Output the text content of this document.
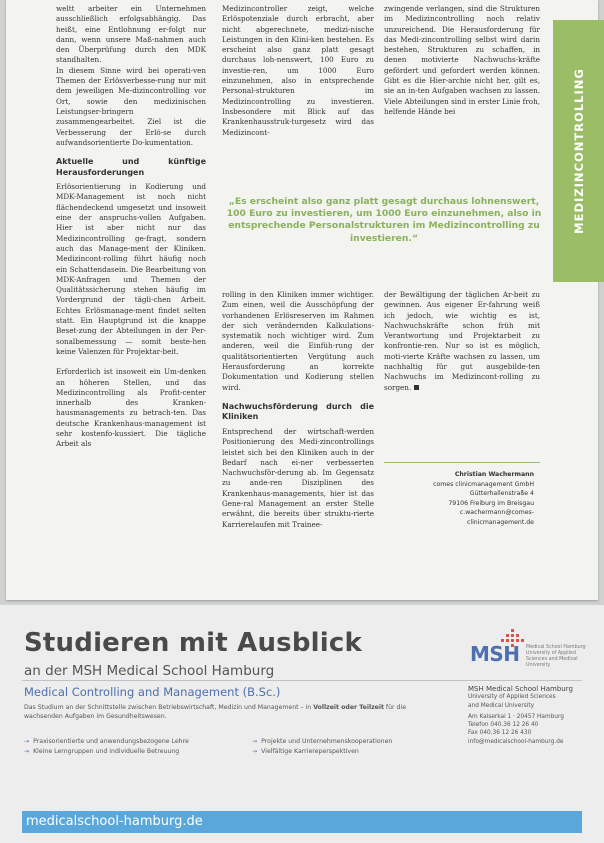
weltt arbeiter ein Unternehmen ausschließlich erfolgsabhängig. Das heißt, eine Entlohnung er-folgt nur dann, wenn unsere Maß-nahmen auch den Überprüfung durch den MDK standhalten.

In diesem Sinne wird bei operati-ven Themen der Erlösverbesse-rung nur mit dem jeweiligen Me-dizincontrolling vor Ort, sowie den medizinischen Leistungser-bringern zusammengearbeitet. Ziel ist die Verbesserung der Erlö-se durch aufwandsorientierte Do-kumentation.

Aktuelle und künftige Herausforderungen

Erlösorientierung in Kodierung und MDK-Management ist noch nicht flächendeckend umgesetzt und insoweit eine der anspruchs-vollen Aufgaben. Hier ist aber nicht nur das Medizincontrolling ge-fragt, sondern auch das Manage-ment der Kliniken. Medizincont-rolling führt häufig noch ein Schattendasein. Die Bearbeitung von MDK-Anfragen und Themen der Qualitätssicherung stehen häufig im Vordergrund der tägli-chen Arbeit. Echtes Erlösmanage-ment findet selten statt. Ein Hauptgrund ist die knappe Beset-zung der Abteilungen in der Per-sonalbemessung — somit beste-hen keine Valenzen für Projektar-beit.

Erforderlich ist insoweit ein Um-denken an höheren Stellen, und das Medizincontrolling als Profit-center innerhalb des Kranken-hausmanagements zu betrach-ten. Das deutsche Krankenhaus-management ist sehr kostenfo-kussiert. Die tägliche Arbeit als

Medizincontroller zeigt, welche Erlöspotenziale durch erbracht, aber nicht abgerechnete, medizi-nische Leistungen in den Klini-ken bestehen. Es erscheint also ganz platt gesagt durchaus loh-nenswert, 100 Euro zu investie-ren, um 1000 Euro einzunehmen, also in entsprechende Personal-strukturen im Medizincontrolling zu investieren. Insbesondere mit Blick auf das Krankenhausstruk-turgesetz wird das Medizincont-

zwingende verlangen, sind die Strukturen im Medizincontrolling noch relativ unzureichend. Die Herausforderung für das Medi-zincontrolling selbst wird darin bestehen, Strukturen zu schaffen, in denen motivierte Nachwuchs-kräfte gefördert und gefordert werden können. Gibt es die Hier-archie nicht her, gilt es, sie an in-ten Aufgaben wachsen zu lassen. Viele Abteilungen sind in erster Linie froh, helfende Hände bei

„Es erscheint also ganz platt gesagt durchaus lohnenswert, 100 Euro zu investieren, um 1000 Euro einzunehmen, also in entsprechende Personalstrukturen im Medizincontrolling zu investieren.“

rolling in den Kliniken immer wichtiger. Zum einen, weil die Ausschöpfung der vorhandenen Erlösreserven im Rahmen der sich verändernden Kalkulations-systematik noch wichtiger wird. Zum anderen, weil die Einfüh-rung der qualitätsorientierten Vergütung auch Herausforderung an korrekte Dokumentation und Kodierung stellen wird.

Nachwuchsförderung durch die Kliniken

Entsprechend der wirtschaft-werden Positionierung des Medi-zincontrollings leistet sich bei den Kliniken auch in der Bedarf nach ei-ner verbesserten Nachwuchsför-derung ab. Im Gegensatz zu ande-ren Disziplinen des Krankenhaus-managements, hier ist das Gene-ral Management an erster Stelle erwähnt, die bereits über struktu-rierte Karrierelaufen mit Trainee-

der Bewältigung der täglichen Ar-beit zu gewinnen. Aus eigener Er-fahrung weiß ich jedoch, wie wichtig es ist, Nachwuchskräfte schon früh mit Verantwortung und Projektarbeit zu konfrontie-ren. Nur so ist es möglich, moti-vierte Kräfte wachsen zu lassen, um nachhaltig für gut ausgebilde-ten Nachwuchs im Medizincont-rolling zu sorgen.

Christian Wachermann
comes clinicmanagement GmbH
Gütterhallenstraße 4
79106 Freiburg im Breisgau
c.wachermann@comes-
clinicmanagement.de
MEDIZINCONTROLLING
Studieren mit Ausblick
an der MSH Medical School Hamburg
MSH Medical School Hamburg · University of Applied Sciences and Medical University
Medical Controlling and Management (B.Sc.)
Das Studium an der Schnittstelle zwischen Betriebswirtschaft, Medizin und Management – in Vollzeit oder Teilzeit für die wachsenden Aufgaben im Gesundheitswesen.
→  Praxisorientierte und anwendungsbezogene Lehre
→  Kleine Lerngruppen und individuelle Betreuung
→  Projekte und Unternehmenskooperationen
→  Vielfältige Karriereperspektiven
MSH Medical School Hamburg
University of Applied Sciences
and Medical University
Am Kaiserkai 1 · 20457 Hamburg
Telefon 040.36 12 26 40
Fax 040.36 12 26 430
info@medicalschool-hamburg.de
medicalschool-hamburg.de
